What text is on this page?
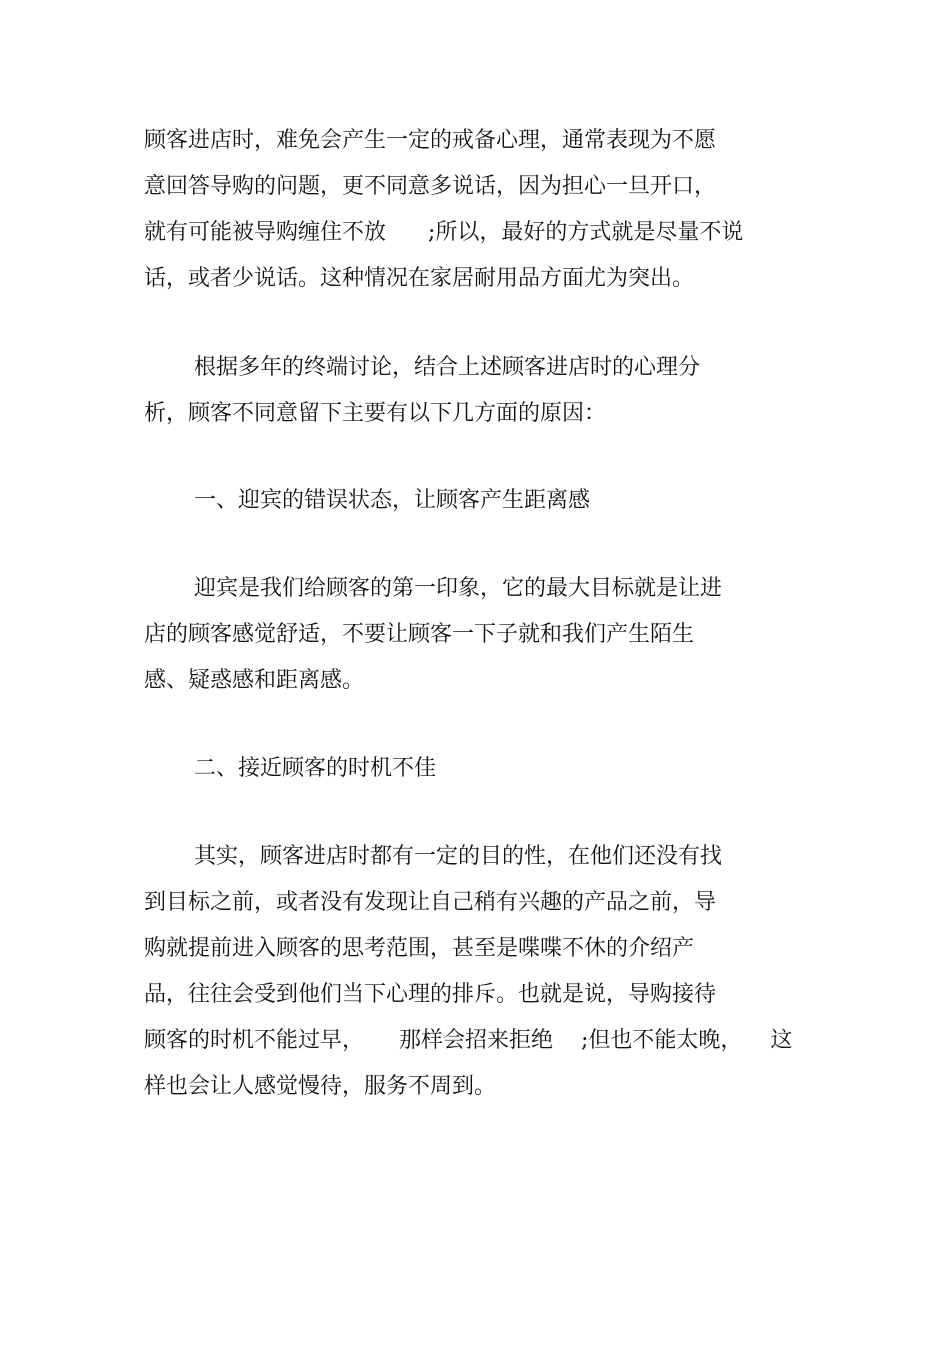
顾客进店时，难免会产生一定的戒备心理，通常表现为不愿
意回答导购的问题，更不同意多说话，因为担心一旦开口，
就有可能被导购缠住不放      ;所以，最好的方式就是尽量不说
话，或者少说话。这种情况在家居耐用品方面尤为突出。

根据多年的终端讨论，结合上述顾客进店时的心理分
析，顾客不同意留下主要有以下几方面的原因：

一、迎宾的错误状态，让顾客产生距离感

迎宾是我们给顾客的第一印象，它的最大目标就是让进
店的顾客感觉舒适，不要让顾客一下子就和我们产生陌生
感、疑惑感和距离感。

二、接近顾客的时机不佳

其实，顾客进店时都有一定的目的性，在他们还没有找
到目标之前，或者没有发现让自己稍有兴趣的产品之前，导
购就提前进入顾客的思考范围，甚至是喋喋不休的介绍产
品，往往会受到他们当下心理的排斥。也就是说，导购接待
顾客的时机不能过早，     那样会招来拒绝    ;但也不能太晚，    这
样也会让人感觉慢待，服务不周到。
